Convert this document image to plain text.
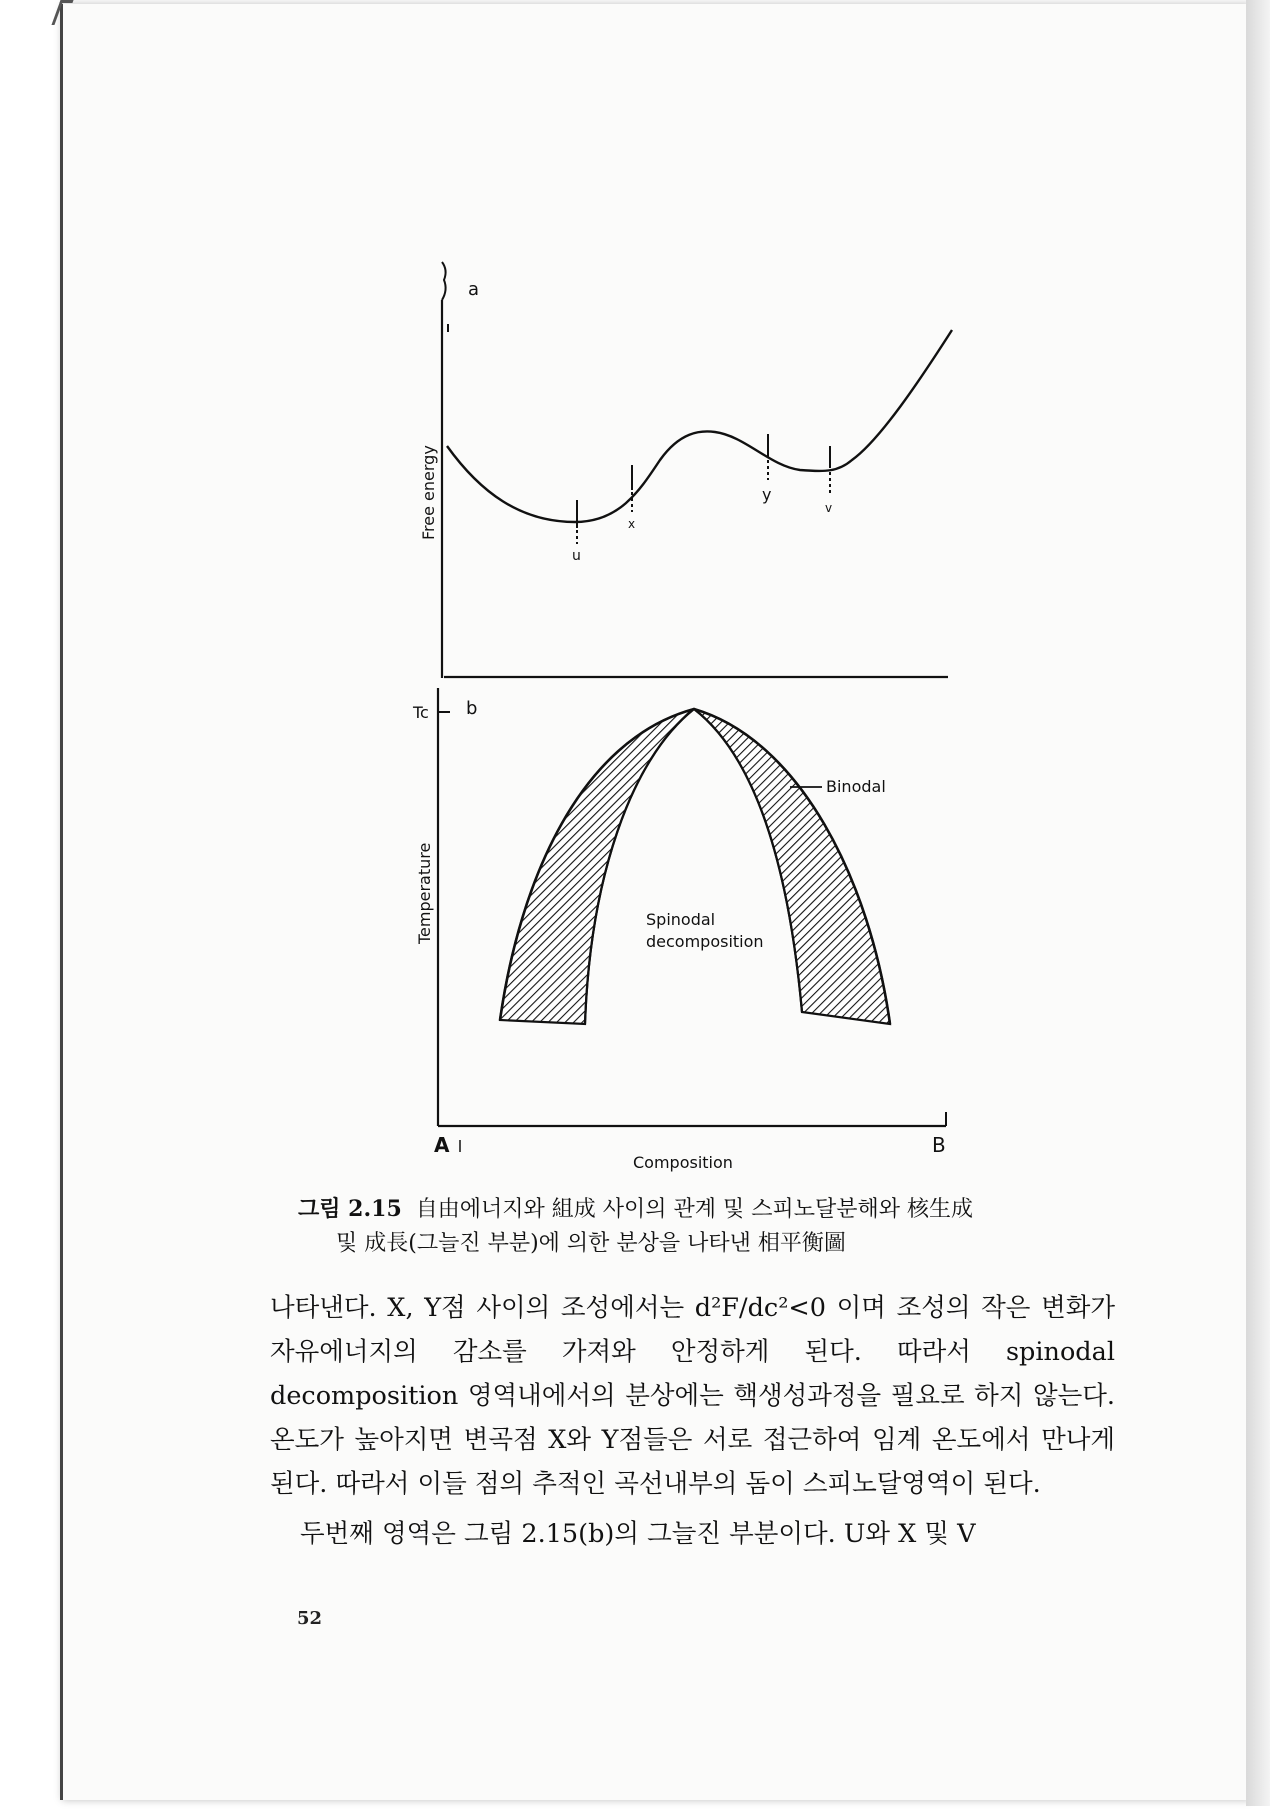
a
Free energy
u
x
y
v
Tc b
Temperature
A	B
Composition
Binodal
Spinodal
decomposition
그림 2.15 自由에너지와 組成 사이의 관계 및 스피노달분해와 核生成
및 成長(그늘진 부분)에 의한 분상을 나타낸 相平衡圖

나타낸다. X, Y점 사이의 조성에서는 d²F/dc²<0 이며 조성의 작은 변화가 자유에너지의 감소를 가져와 안정하게 된다. 따라서 spinodal decomposition 영역내에서의 분상에는 핵생성과정을 필요로 하지 않는다. 온도가 높아지면 변곡점 X와 Y점들은 서로 접근하여 임계 온도에서 만나게 된다. 따라서 이들 점의 추적인 곡선내부의 돔이 스피노달영역이 된다.

두번째 영역은 그림 2.15(b)의 그늘진 부분이다. U와 X 및 V

52
